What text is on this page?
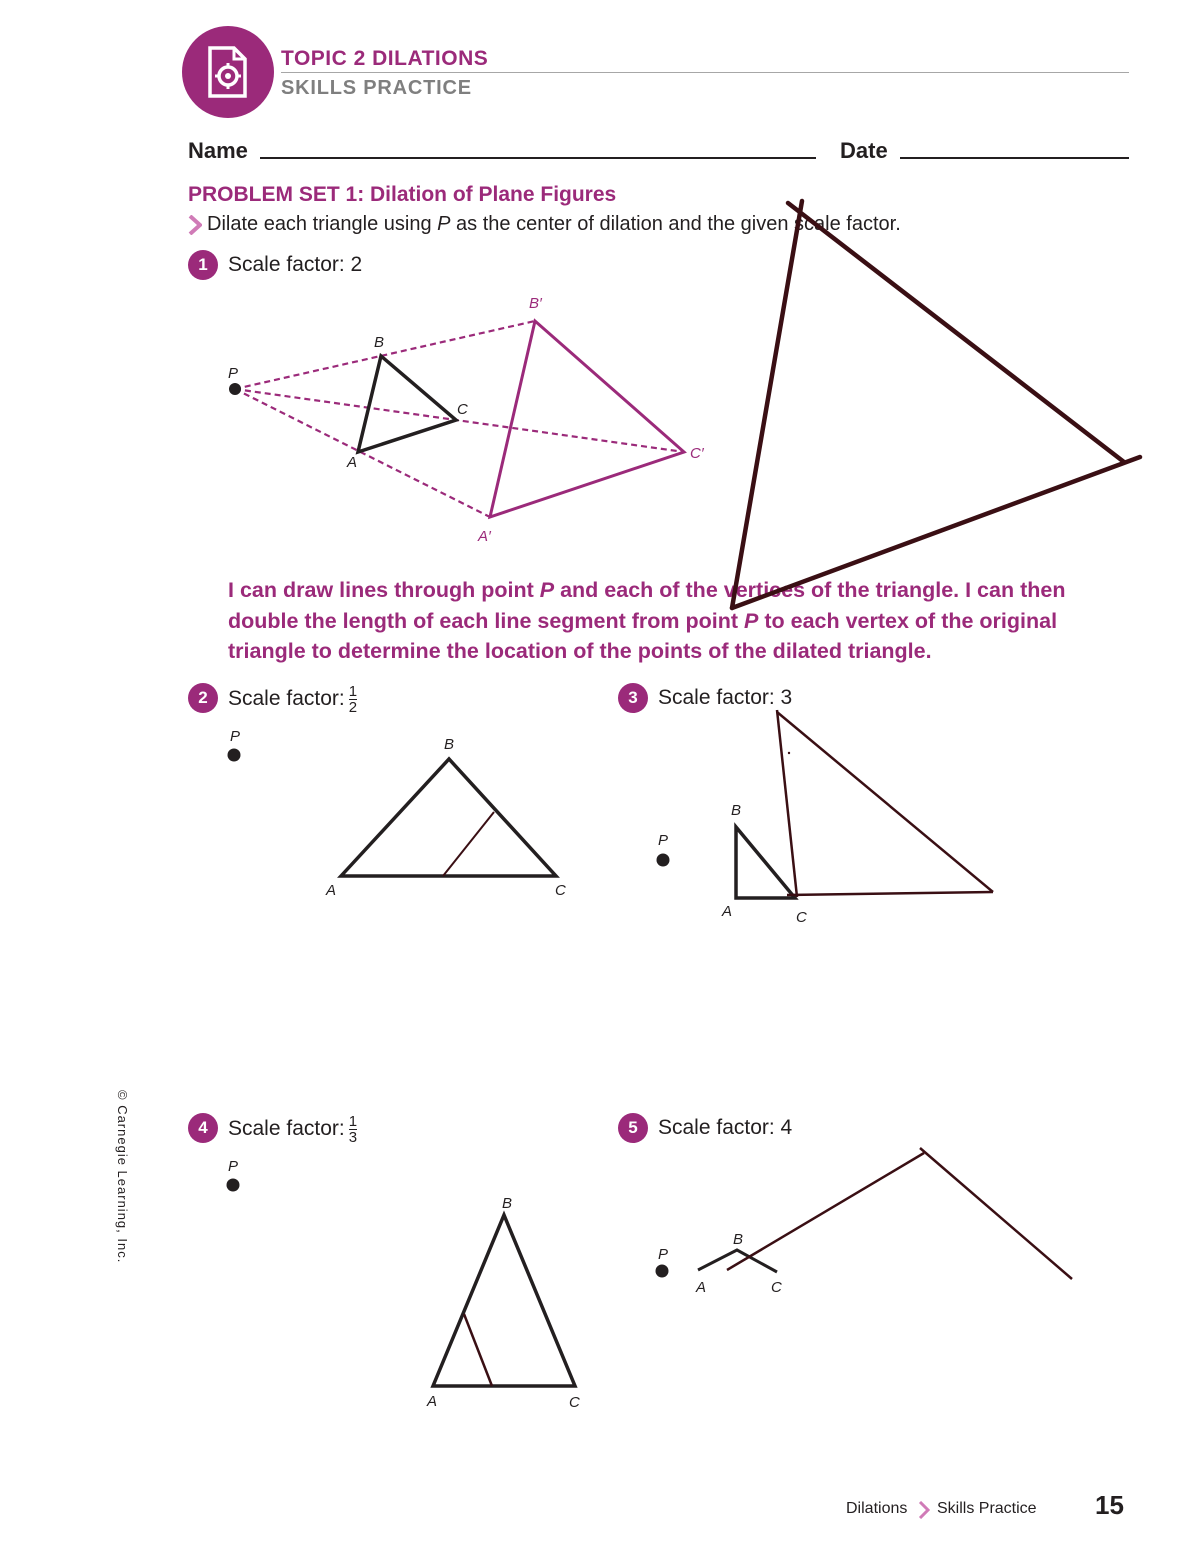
TOPIC 2 DILATIONS
SKILLS PRACTICE
Name	Date
PROBLEM SET 1: Dilation of Plane Figures
Dilate each triangle using P as the center of dilation and the given scale factor.
1 Scale factor: 2
2 Scale factor: $\frac{1}{2}$	3 Scale factor: 3
4 Scale factor: $\frac{1}{3}$	5 Scale factor: 4
I can draw lines through point P and each of the vertices of the triangle. I can then double the length of each line segment from point P to each vertex of the original triangle to determine the location of the points of the dilated triangle.
P
B
C
A
B′
C′
A′
P	B
A	C
P
B
A	C
P
B
A	C
P
B
A	C
© Carnegie Learning, Inc.
Dilations Skills Practice 15
